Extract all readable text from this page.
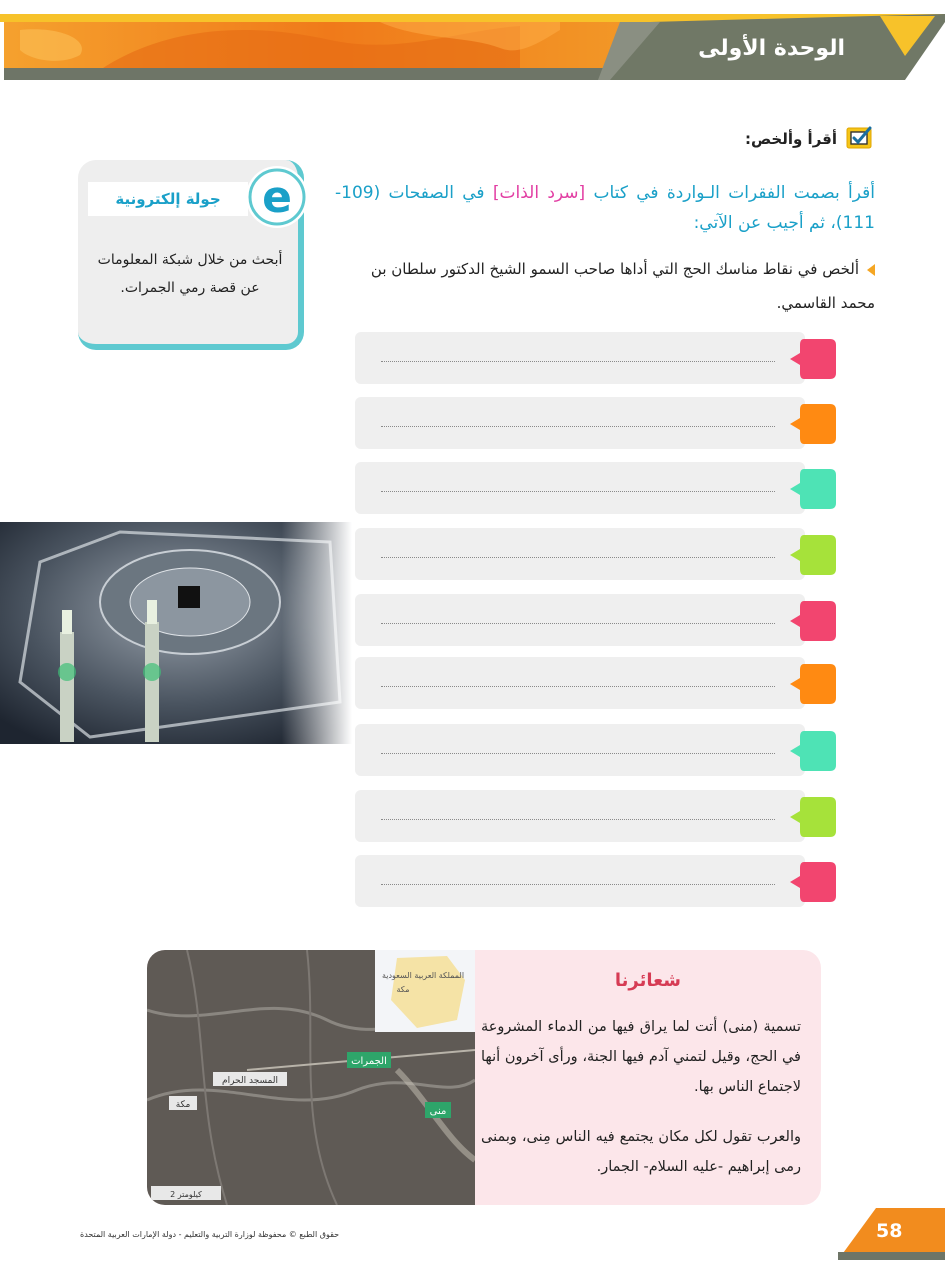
الوحدة الأولى
أقرأ وألخص:
أقرأ بصمت الفقرات الـواردة في كتاب [سرد الذات] في الصفحات (109-111)، ثم أجيب عن الآتي:
ألخص في نقاط مناسك الحج التي أداها صاحب السمو الشيخ الدكتور سلطان بن محمد القاسمي.
جولة إلكترونية e
أبحث من خلال شبكة المعلومات عن قصة رمي الجمرات.
المملكة العربية السعودية
مكة
الجمرات
المسجد الحرام
مكة
منى
2 كيلومتر
شعائرنا
تسمية (منى) أتت لما يراق فيها من الدماء المشروعة في الحج، وقيل لتمني آدم فيها الجنة، ورأى آخرون أنها لاجتماع الناس بها.
والعرب تقول لكل مكان يجتمع فيه الناس مِنى، وبمنى رمى إبراهيم -عليه السلام- الجمار.
حقوق الطبع © محفوظة لوزارة التربية والتعليم - دولة الإمارات العربية المتحدة	58
